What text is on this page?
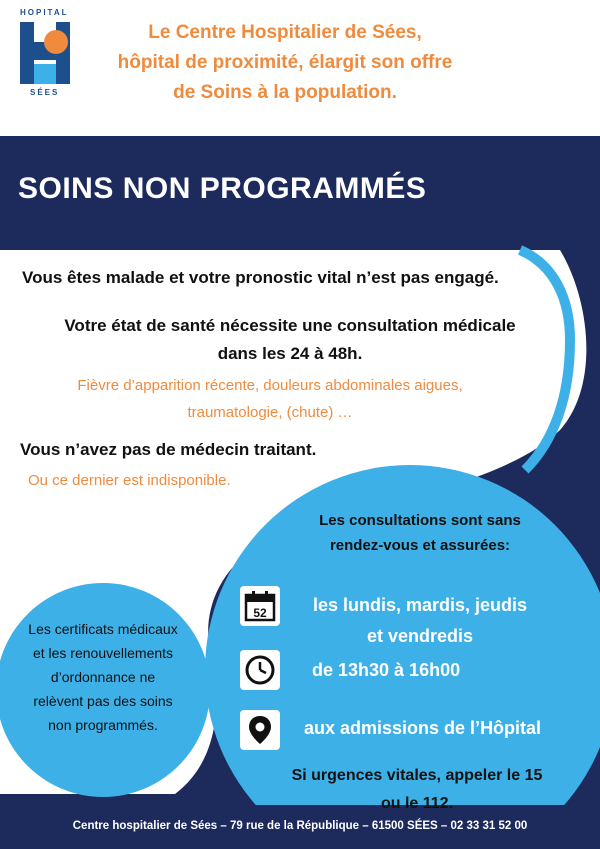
HOPITAL
SÉES
Le Centre Hospitalier de Sées,
hôpital de proximité, élargit son offre
de Soins à la population.
SOINS NON PROGRAMMÉS
Vous êtes malade et votre pronostic vital n’est pas engagé.
Votre état de santé nécessite une consultation médicale
dans les 24 à 48h.
Fièvre d’apparition récente, douleurs abdominales aigues,
traumatologie, (chute) …
Vous n’avez pas de médecin traitant.
Ou ce dernier est indisponible.
Les consultations sont sans
rendez-vous et assurées:
52	les lundis, mardis, jeudis
et vendredis
de 13h30 à 16h00
aux admissions de l’Hôpital
Si urgences vitales, appeler le 15
ou le 112.
Les certificats médicaux
et les renouvellements
d’ordonnance ne
relèvent pas des soins
non programmés.
Centre hospitalier de Sées – 79 rue de la République – 61500 SÉES – 02 33 31 52 00
